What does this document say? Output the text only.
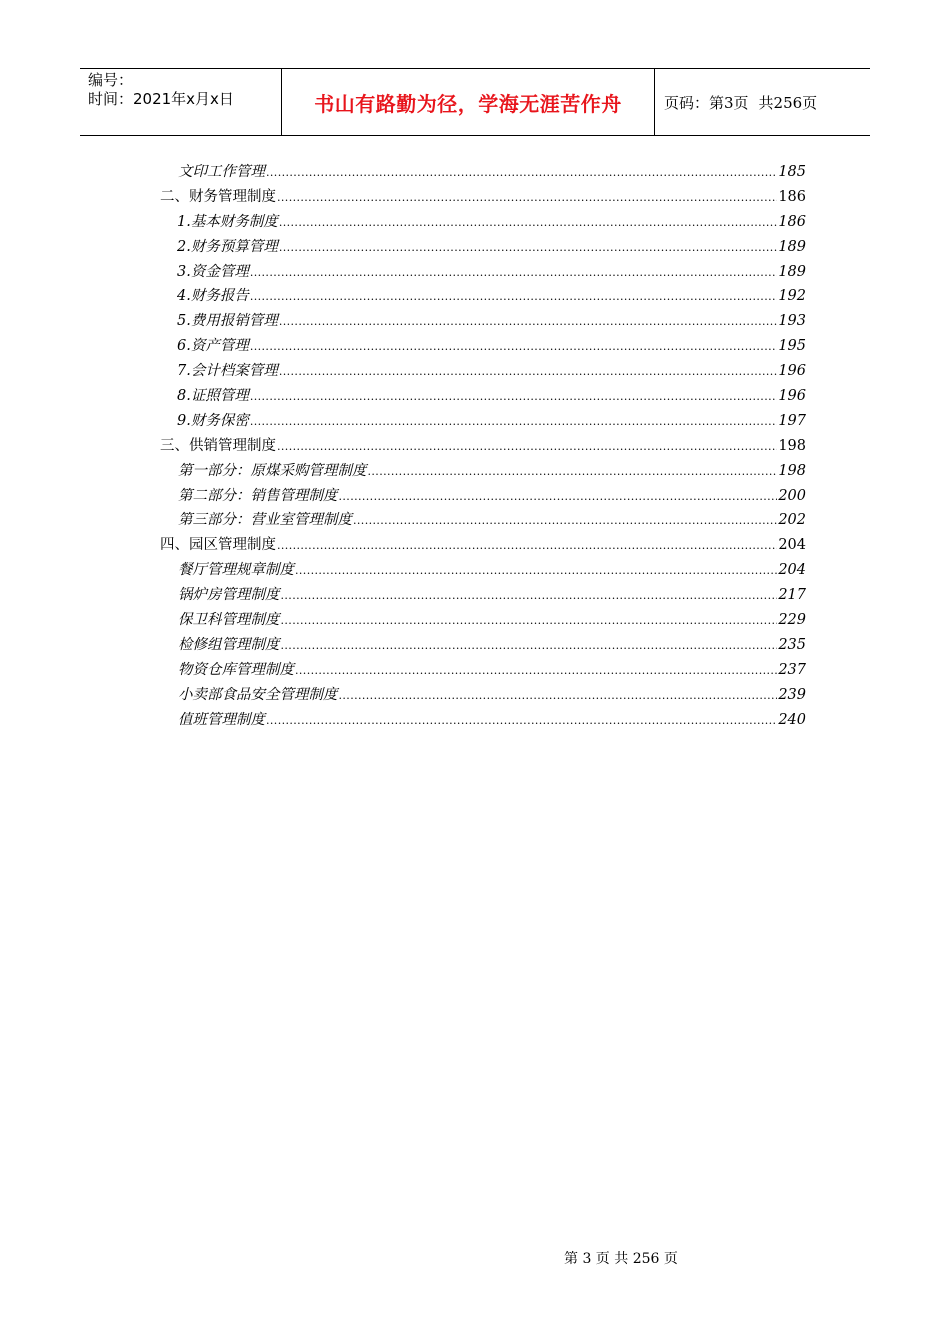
编号：
时间：2021年x月x日	书山有路勤为径，学海无涯苦作舟	页码：第3页 共256页
文印工作管理 .....	185
二、财务管理制度 .....	186
1.基本财务制度 .....	186
2.财务预算管理 .....	189
3.资金管理 .....	189
4.财务报告 .....	192
5.费用报销管理 .....	193
6.资产管理 .....	195
7.会计档案管理 .....	196
8.证照管理 .....	196
9.财务保密 .....	197
三、供销管理制度 .....	198
第一部分：原煤采购管理制度 .....	198
第二部分：销售管理制度 .....	200
第三部分：营业室管理制度 .....	202
四、园区管理制度 .....	204
餐厅管理规章制度 .....	204
锅炉房管理制度 .....	217
保卫科管理制度 .....	229
检修组管理制度 .....	235
物资仓库管理制度 .....	237
小卖部食品安全管理制度 .....	239
值班管理制度 .....	240
第 3 页 共 256 页
